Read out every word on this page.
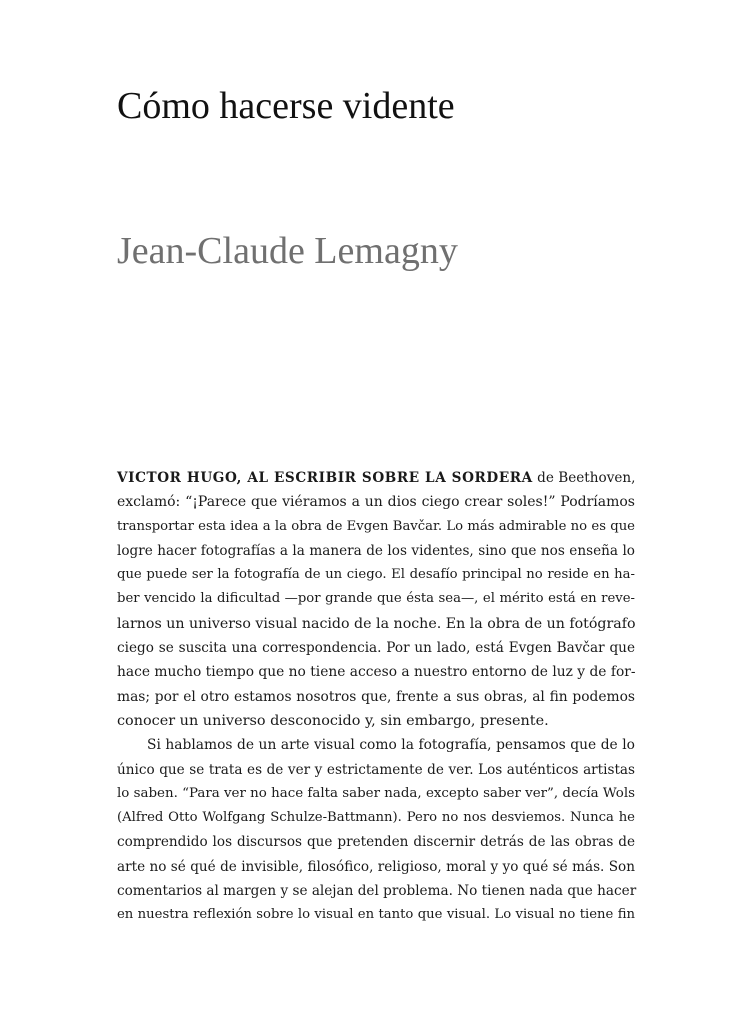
Cómo hacerse vidente
Jean-Claude Lemagny
VICTOR HUGO, AL ESCRIBIR SOBRE LA SORDERA de Beethoven,
exclamó: “¡Parece que viéramos a un dios ciego crear soles!” Podríamos
transportar esta idea a la obra de Evgen Bavčar. Lo más admirable no es que
logre hacer fotografías a la manera de los videntes, sino que nos enseña lo
que puede ser la fotografía de un ciego. El desafío principal no reside en ha-
ber vencido la dificultad —por grande que ésta sea—, el mérito está en reve-
larnos un universo visual nacido de la noche. En la obra de un fotógrafo
ciego se suscita una correspondencia. Por un lado, está Evgen Bavčar que
hace mucho tiempo que no tiene acceso a nuestro entorno de luz y de for-
mas; por el otro estamos nosotros que, frente a sus obras, al fin podemos
conocer un universo desconocido y, sin embargo, presente.
Si hablamos de un arte visual como la fotografía, pensamos que de lo
único que se trata es de ver y estrictamente de ver. Los auténticos artistas
lo saben. “Para ver no hace falta saber nada, excepto saber ver”, decía Wols
(Alfred Otto Wolfgang Schulze-Battmann). Pero no nos desviemos. Nunca he
comprendido los discursos que pretenden discernir detrás de las obras de
arte no sé qué de invisible, filosófico, religioso, moral y yo qué sé más. Son
comentarios al margen y se alejan del problema. No tienen nada que hacer
en nuestra reflexión sobre lo visual en tanto que visual. Lo visual no tiene fin
